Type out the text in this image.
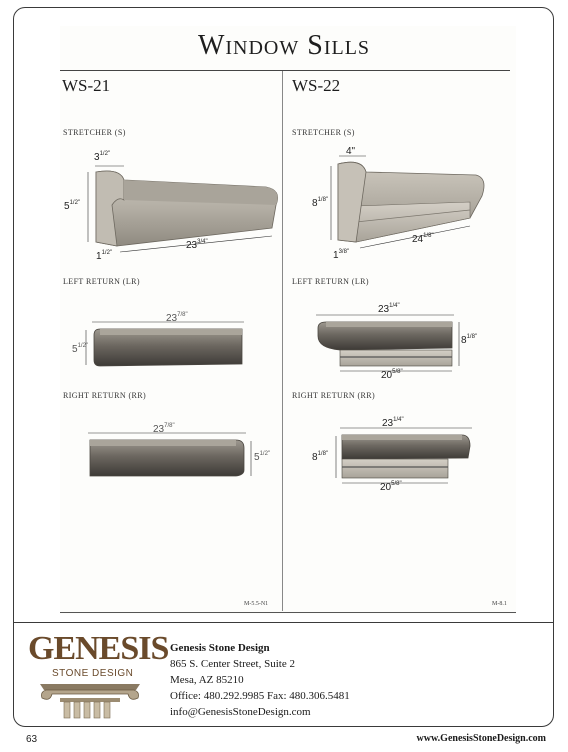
Window Sills
WS-21
STRETCHER (S)
LEFT RETURN (LR)
RIGHT RETURN (RR)
$3^{1/2"}$
$5^{1/2"}$
$23^{3/4"}$
$1^{1/2"}$
$23^{7/8"}$
$5^{1/2"}$
$23^{7/8"}$
$5^{1/2"}$
M-5.5-N1
WS-22
STRETCHER (S)
LEFT RETURN (LR)
RIGHT RETURN (RR)
4"
$8^{1/8"}$
$24^{1/8"}$
$1^{3/8"}$
$23^{1/4"}$
$8^{1/8"}$
$20^{5/8"}$
$23^{1/4"}$
$8^{1/8"}$
$20^{5/8"}$
M-8.1
GENESIS
STONE DESIGN
Genesis Stone Design
865 S. Center Street, Suite 2
Mesa, AZ 85210
Office: 480.292.9985 Fax: 480.306.5481
info@GenesisStoneDesign.com
63	www.GenesisStoneDesign.com
